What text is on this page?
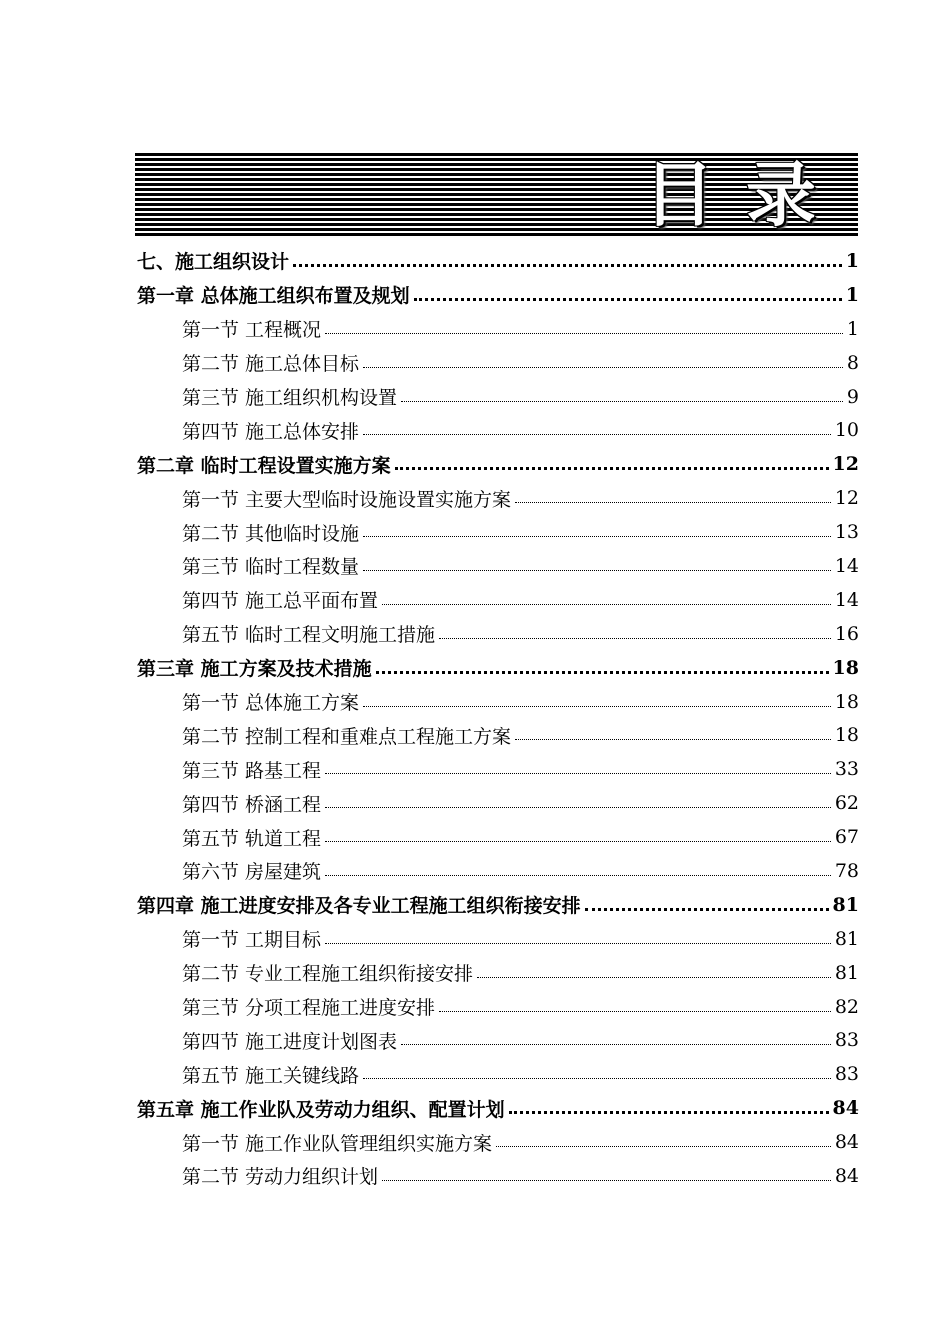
目录
七、施工组织设计	1
第一章 总体施工组织布置及规划	1
第一节 工程概况	1
第二节 施工总体目标	8
第三节 施工组织机构设置	9
第四节 施工总体安排	10
第二章 临时工程设置实施方案	12
第一节 主要大型临时设施设置实施方案	12
第二节 其他临时设施	13
第三节 临时工程数量	14
第四节 施工总平面布置	14
第五节 临时工程文明施工措施	16
第三章 施工方案及技术措施	18
第一节 总体施工方案	18
第二节 控制工程和重难点工程施工方案	18
第三节 路基工程	33
第四节 桥涵工程	62
第五节 轨道工程	67
第六节 房屋建筑	78
第四章 施工进度安排及各专业工程施工组织衔接安排	81
第一节 工期目标	81
第二节 专业工程施工组织衔接安排	81
第三节 分项工程施工进度安排	82
第四节 施工进度计划图表	83
第五节 施工关键线路	83
第五章 施工作业队及劳动力组织、配置计划	84
第一节 施工作业队管理组织实施方案	84
第二节 劳动力组织计划	84
